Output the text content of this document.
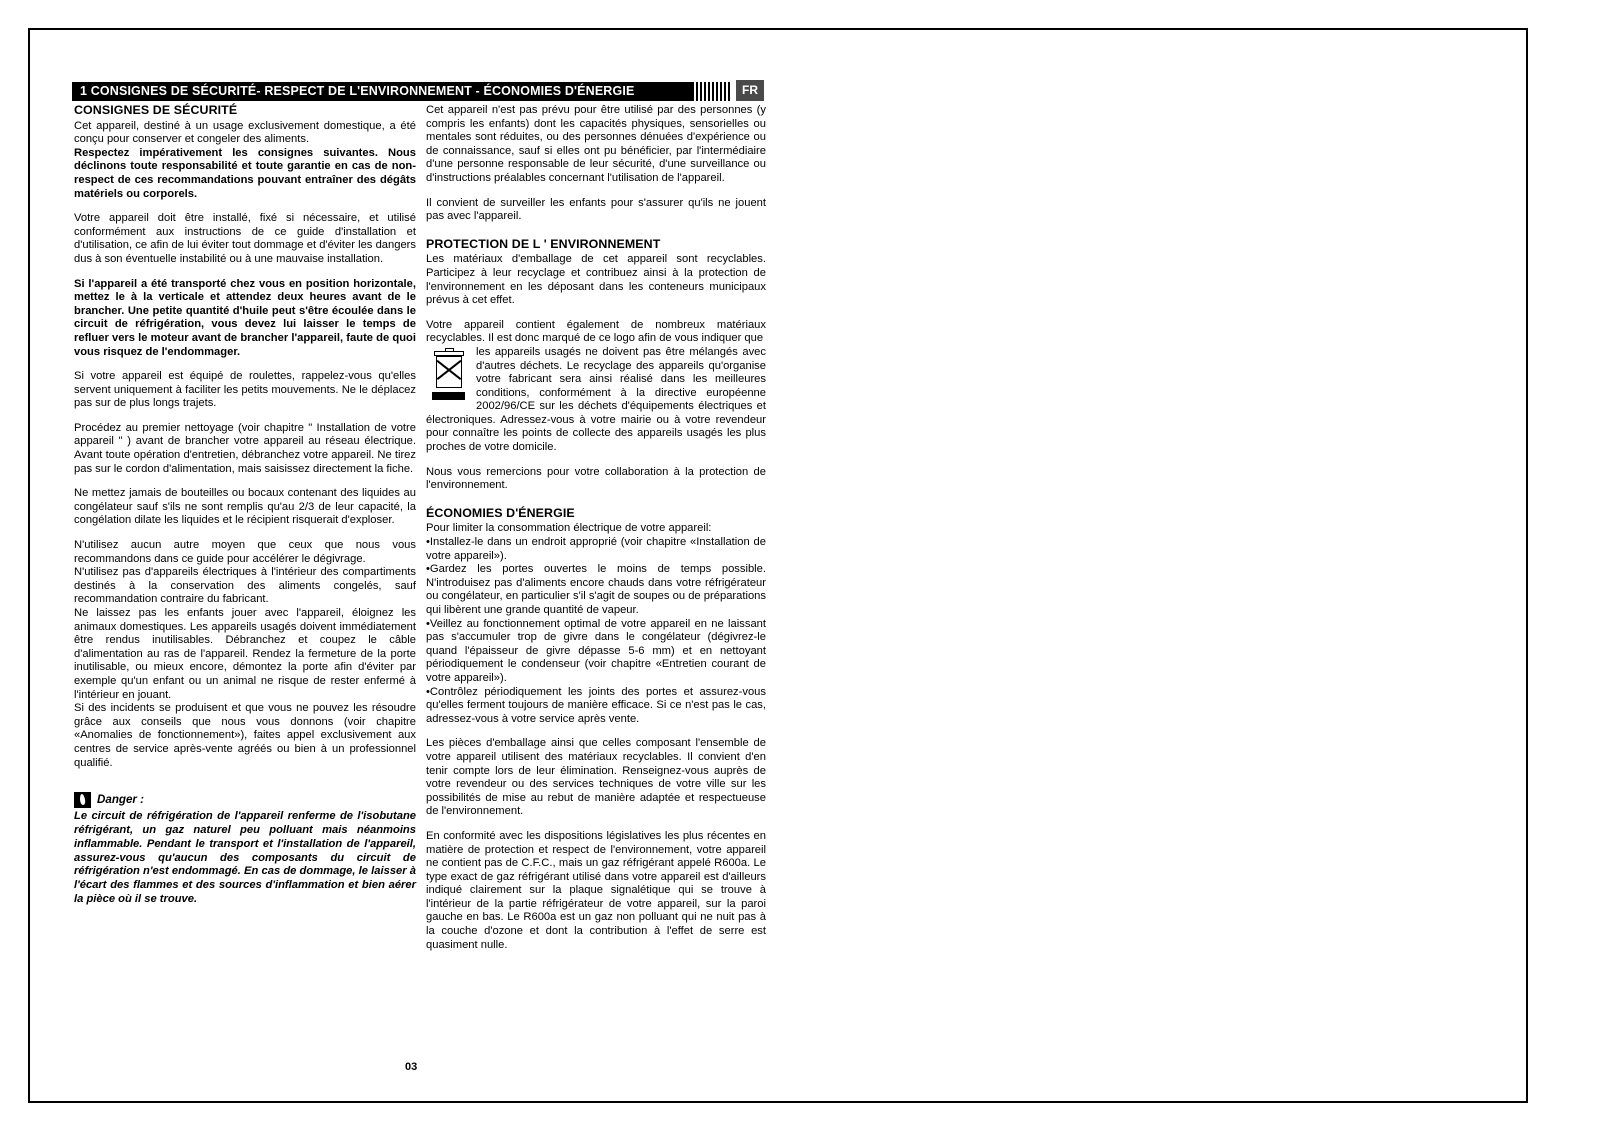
1 CONSIGNES DE SÉCURITÉ- RESPECT DE L'ENVIRONNEMENT - ÉCONOMIES D'ÉNERGIE	FR
CONSIGNES DE SÉCURITÉ

Cet appareil, destiné à un usage exclusivement domestique, a été conçu pour conserver et congeler des aliments.

Respectez impérativement les consignes suivantes. Nous déclinons toute responsabilité et toute garantie en cas de non-respect de ces recommandations pouvant entraîner des dégâts matériels ou corporels.

Votre appareil doit être installé, fixé si nécessaire, et utilisé conformément aux instructions de ce guide d'installation et d'utilisation, ce afin de lui éviter tout dommage et d'éviter les dangers dus à son éventuelle instabilité ou à une mauvaise installation.

Si l'appareil a été transporté chez vous en position horizontale, mettez le à la verticale et attendez deux heures avant de le brancher. Une petite quantité d'huile peut s'être écoulée dans le circuit de réfrigération, vous devez lui laisser le temps de refluer vers le moteur avant de brancher l'appareil, faute de quoi vous risquez de l'endommager.

Si votre appareil est équipé de roulettes, rappelez-vous qu'elles servent uniquement à faciliter les petits mouvements. Ne le déplacez pas sur de plus longs trajets.

Procédez au premier nettoyage (voir chapitre " Installation de votre appareil " ) avant de brancher votre appareil au réseau électrique. Avant toute opération d'entretien, débranchez votre appareil. Ne tirez pas sur le cordon d'alimentation, mais saisissez directement la fiche.

Ne mettez jamais de bouteilles ou bocaux contenant des liquides au congélateur sauf s'ils ne sont remplis qu'au 2/3 de leur capacité, la congélation dilate les liquides et le récipient risquerait d'exploser.

N'utilisez aucun autre moyen que ceux que nous vous recommandons dans ce guide pour accélérer le dégivrage.

N'utilisez pas d'appareils électriques à l'intérieur des compartiments destinés à la conservation des aliments congelés, sauf recommandation contraire du fabricant.

Ne laissez pas les enfants jouer avec l'appareil, éloignez les animaux domestiques. Les appareils usagés doivent immédiatement être rendus inutilisables. Débranchez et coupez le câble d'alimentation au ras de l'appareil. Rendez la fermeture de la porte inutilisable, ou mieux encore, démontez la porte afin d'éviter par exemple qu'un enfant ou un animal ne risque de rester enfermé à l'intérieur en jouant.

Si des incidents se produisent et que vous ne pouvez les résoudre grâce aux conseils que nous vous donnons (voir chapitre «Anomalies de fonctionnement»), faites appel exclusivement aux centres de service après-vente agréés ou bien à un professionnel qualifié.

Danger :
Le circuit de réfrigération de l'appareil renferme de l'isobutane réfrigérant, un gaz naturel peu polluant mais néanmoins inflammable. Pendant le transport et l'installation de l'appareil, assurez-vous qu'aucun des composants du circuit de réfrigération n'est endommagé. En cas de dommage, le laisser à l'écart des flammes et des sources d'inflammation et bien aérer la pièce où il se trouve.

Cet appareil n'est pas prévu pour être utilisé par des personnes (y compris les enfants) dont les capacités physiques, sensorielles ou mentales sont réduites, ou des personnes dénuées d'expérience ou de connaissance, sauf si elles ont pu bénéficier, par l'intermédiaire d'une personne responsable de leur sécurité, d'une surveillance ou d'instructions préalables concernant l'utilisation de l'appareil.

Il convient de surveiller les enfants pour s'assurer qu'ils ne jouent pas avec l'appareil.

PROTECTION DE L ' ENVIRONNEMENT

Les matériaux d'emballage de cet appareil sont recyclables. Participez à leur recyclage et contribuez ainsi à la protection de l'environnement en les déposant dans les conteneurs municipaux prévus à cet effet.

Votre appareil contient également de nombreux matériaux recyclables. Il est donc marqué de ce logo afin de vous indiquer que

les appareils usagés ne doivent pas être mélangés avec d'autres déchets. Le recyclage des appareils qu'organise votre fabricant sera ainsi réalisé dans les meilleures conditions, conformément à la directive européenne 2002/96/CE sur les déchets d'équipements électriques et électroniques. Adressez-vous à votre mairie ou à votre revendeur pour connaître les points de collecte des appareils usagés les plus proches de votre domicile.

Nous vous remercions pour votre collaboration à la protection de l'environnement.

ÉCONOMIES D'ÉNERGIE

Pour limiter la consommation électrique de votre appareil:

•Installez-le dans un endroit approprié (voir chapitre «Installation de votre appareil»).

•Gardez les portes ouvertes le moins de temps possible. N'introduisez pas d'aliments encore chauds dans votre réfrigérateur ou congélateur, en particulier s'il s'agit de soupes ou de préparations qui libèrent une grande quantité de vapeur.

•Veillez au fonctionnement optimal de votre appareil en ne laissant pas s'accumuler trop de givre dans le congélateur (dégivrez-le quand l'épaisseur de givre dépasse 5-6 mm) et en nettoyant périodiquement le condenseur (voir chapitre «Entretien courant de votre appareil»).

•Contrôlez périodiquement les joints des portes et assurez-vous qu'elles ferment toujours de manière efficace. Si ce n'est pas le cas, adressez-vous à votre service après vente.

Les pièces d'emballage ainsi que celles composant l'ensemble de votre appareil utilisent des matériaux recyclables. Il convient d'en tenir compte lors de leur élimination. Renseignez-vous auprès de votre revendeur ou des services techniques de votre ville sur les possibilités de mise au rebut de manière adaptée et respectueuse de l'environnement.

En conformité avec les dispositions législatives les plus récentes en matière de protection et respect de l'environnement, votre appareil ne contient pas de C.F.C., mais un gaz réfrigérant appelé R600a. Le type exact de gaz réfrigérant utilisé dans votre appareil est d'ailleurs indiqué clairement sur la plaque signalétique qui se trouve à l'intérieur de la partie réfrigérateur de votre appareil, sur la paroi gauche en bas. Le R600a est un gaz non polluant qui ne nuit pas à la couche d'ozone et dont la contribution à l'effet de serre est quasiment nulle.

03
